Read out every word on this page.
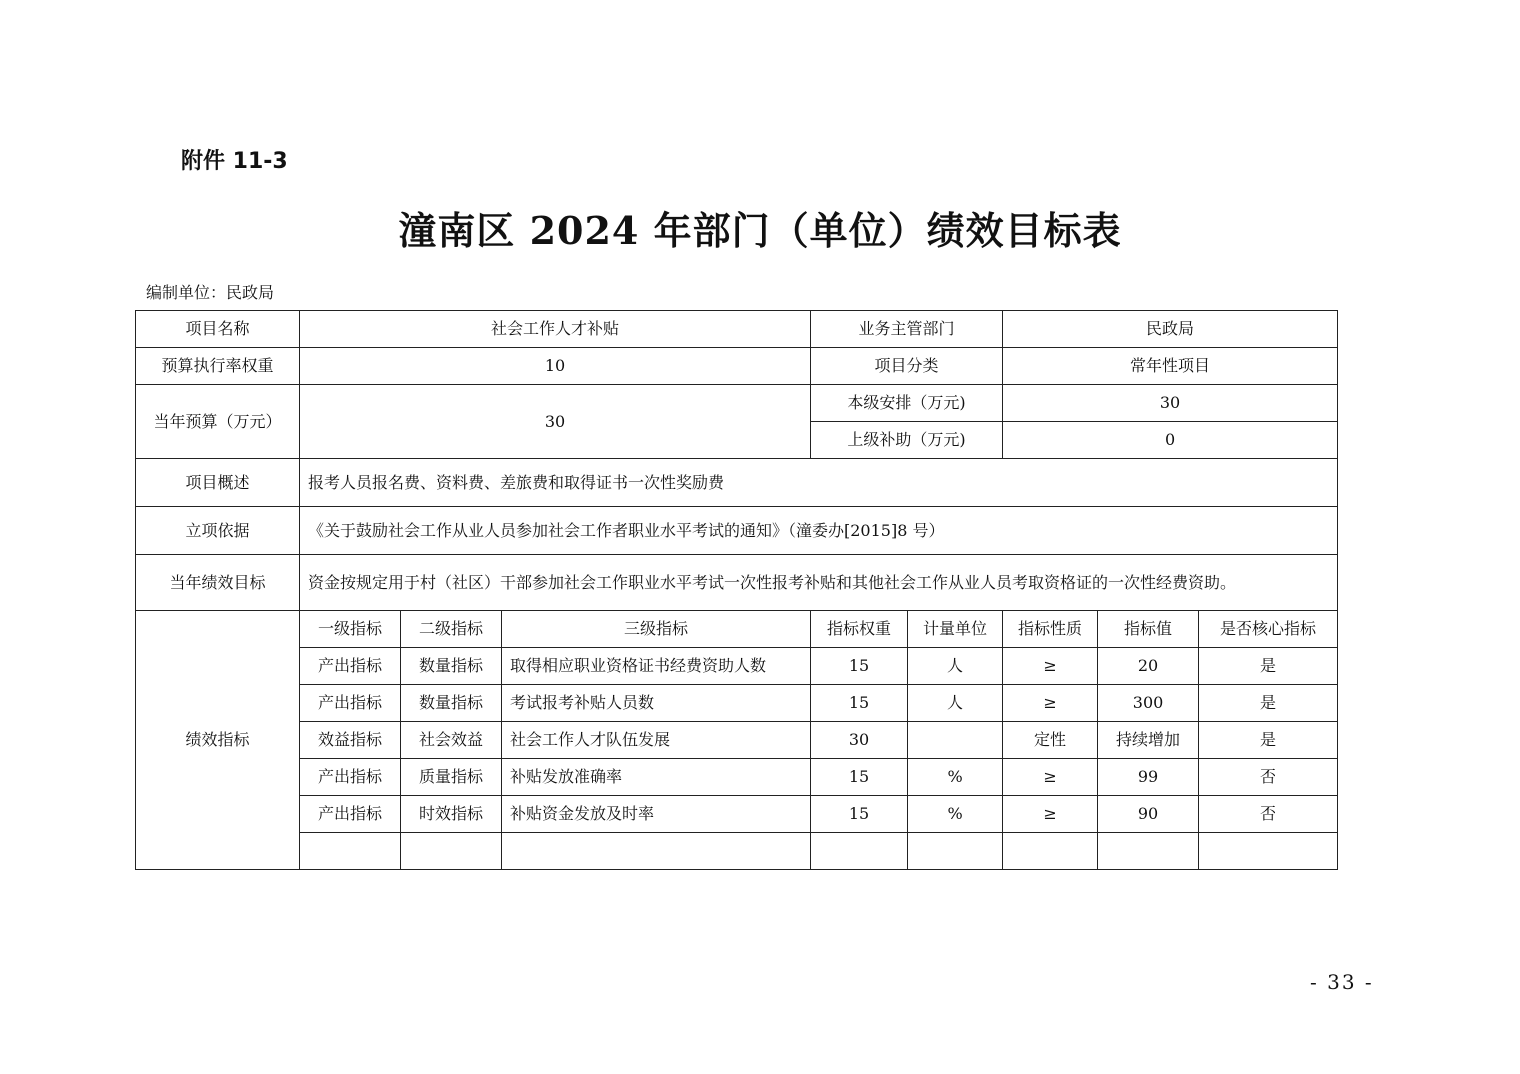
附件 11-3
潼南区 2024 年部门（单位）绩效目标表
编制单位：民政局
项目名称	社会工作人才补贴			业务主管部门		民政局		
预算执行率权重	10			项目分类		常年性项目		
当年预算（万元）	30			本级安排（万元)		30		
				上级补助（万元)		0		
项目概述	报考人员报名费、资料费、差旅费和取得证书一次性奖励费							
立项依据	《关于鼓励社会工作从业人员参加社会工作者职业水平考试的通知》（潼委办[2015]8 号）							
当年绩效目标	资金按规定用于村（社区）干部参加社会工作职业水平考试一次性报考补贴和其他社会工作从业人员考取资格证的一次性经费资助。							
绩效指标	一级指标	二级指标	三级指标	指标权重	计量单位	指标性质	指标值	是否核心指标
	产出指标	数量指标	取得相应职业资格证书经费资助人数	15	人	≥	20	是
	产出指标	数量指标	考试报考补贴人员数	15	人	≥	300	是
	效益指标	社会效益	社会工作人才队伍发展	30		定性	持续增加	是
	产出指标	质量指标	补贴发放准确率	15	%	≥	99	否
	产出指标	时效指标	补贴资金发放及时率	15	%	≥	90	否

- 33 -
